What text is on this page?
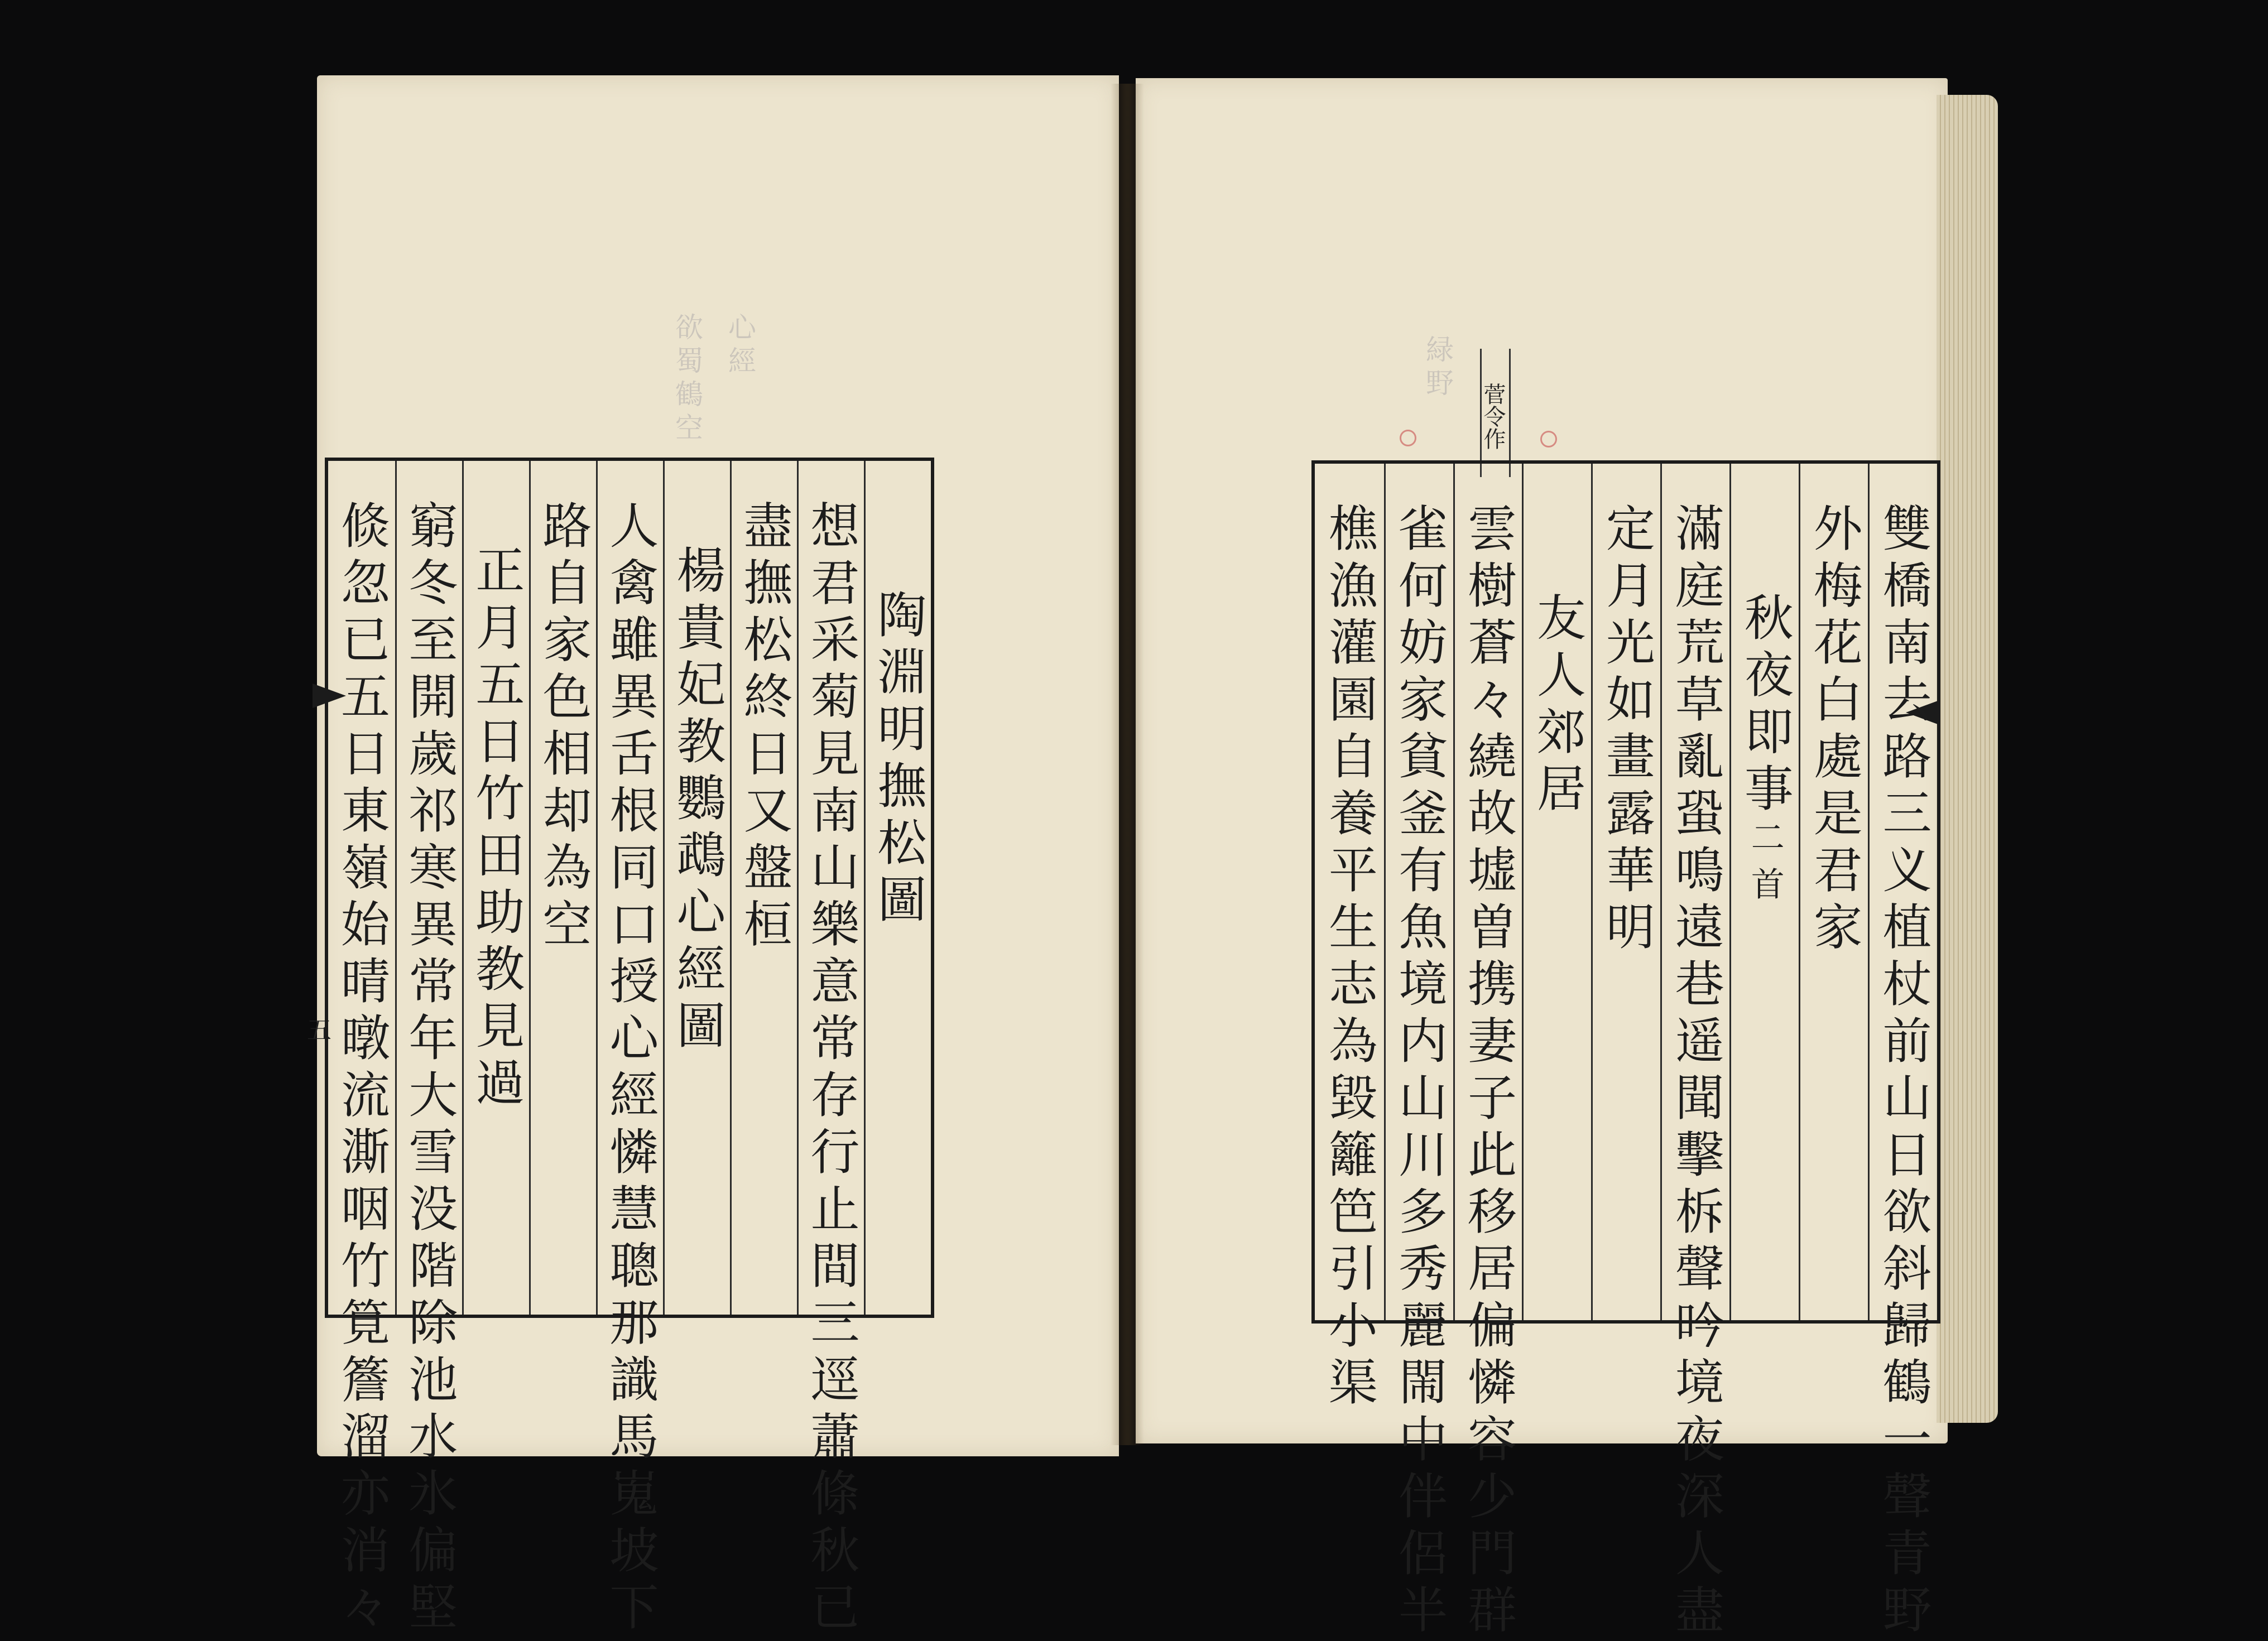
欲蜀鶴空 心經	緑野
五
菅令作
陶淵明撫松圖
想君采菊見南山樂意常存行止間三逕蕭條秋已
盡撫松終日又盤桓
楊貴妃教鸚鵡心經圖
人禽雖異舌根同口授心經憐慧聰那識馬嵬坡下
路自家色相却為空
正月五日竹田助教見過
窮冬至開歲祁寒異常年大雪没階除池水氷偏堅
倐忽已五日東嶺始晴暾流澌咽竹筧簷溜亦消々	雙橋南去路三义植杖前山日欲斜歸鶴一聲青野
外梅花白處是君家
秋夜即事二首
滿庭荒草亂蛩鳴遠巷遥聞擊柝聲吟境夜深人盡
定月光如畫露華明
友人郊居
雲樹蒼々繞故墟曽携妻子此移居偏憐容少門群
雀何妨家貧釜有魚境内山川多秀麗閙中伴侶半
樵漁灌園自養平生志為毀籬笆引小渠
